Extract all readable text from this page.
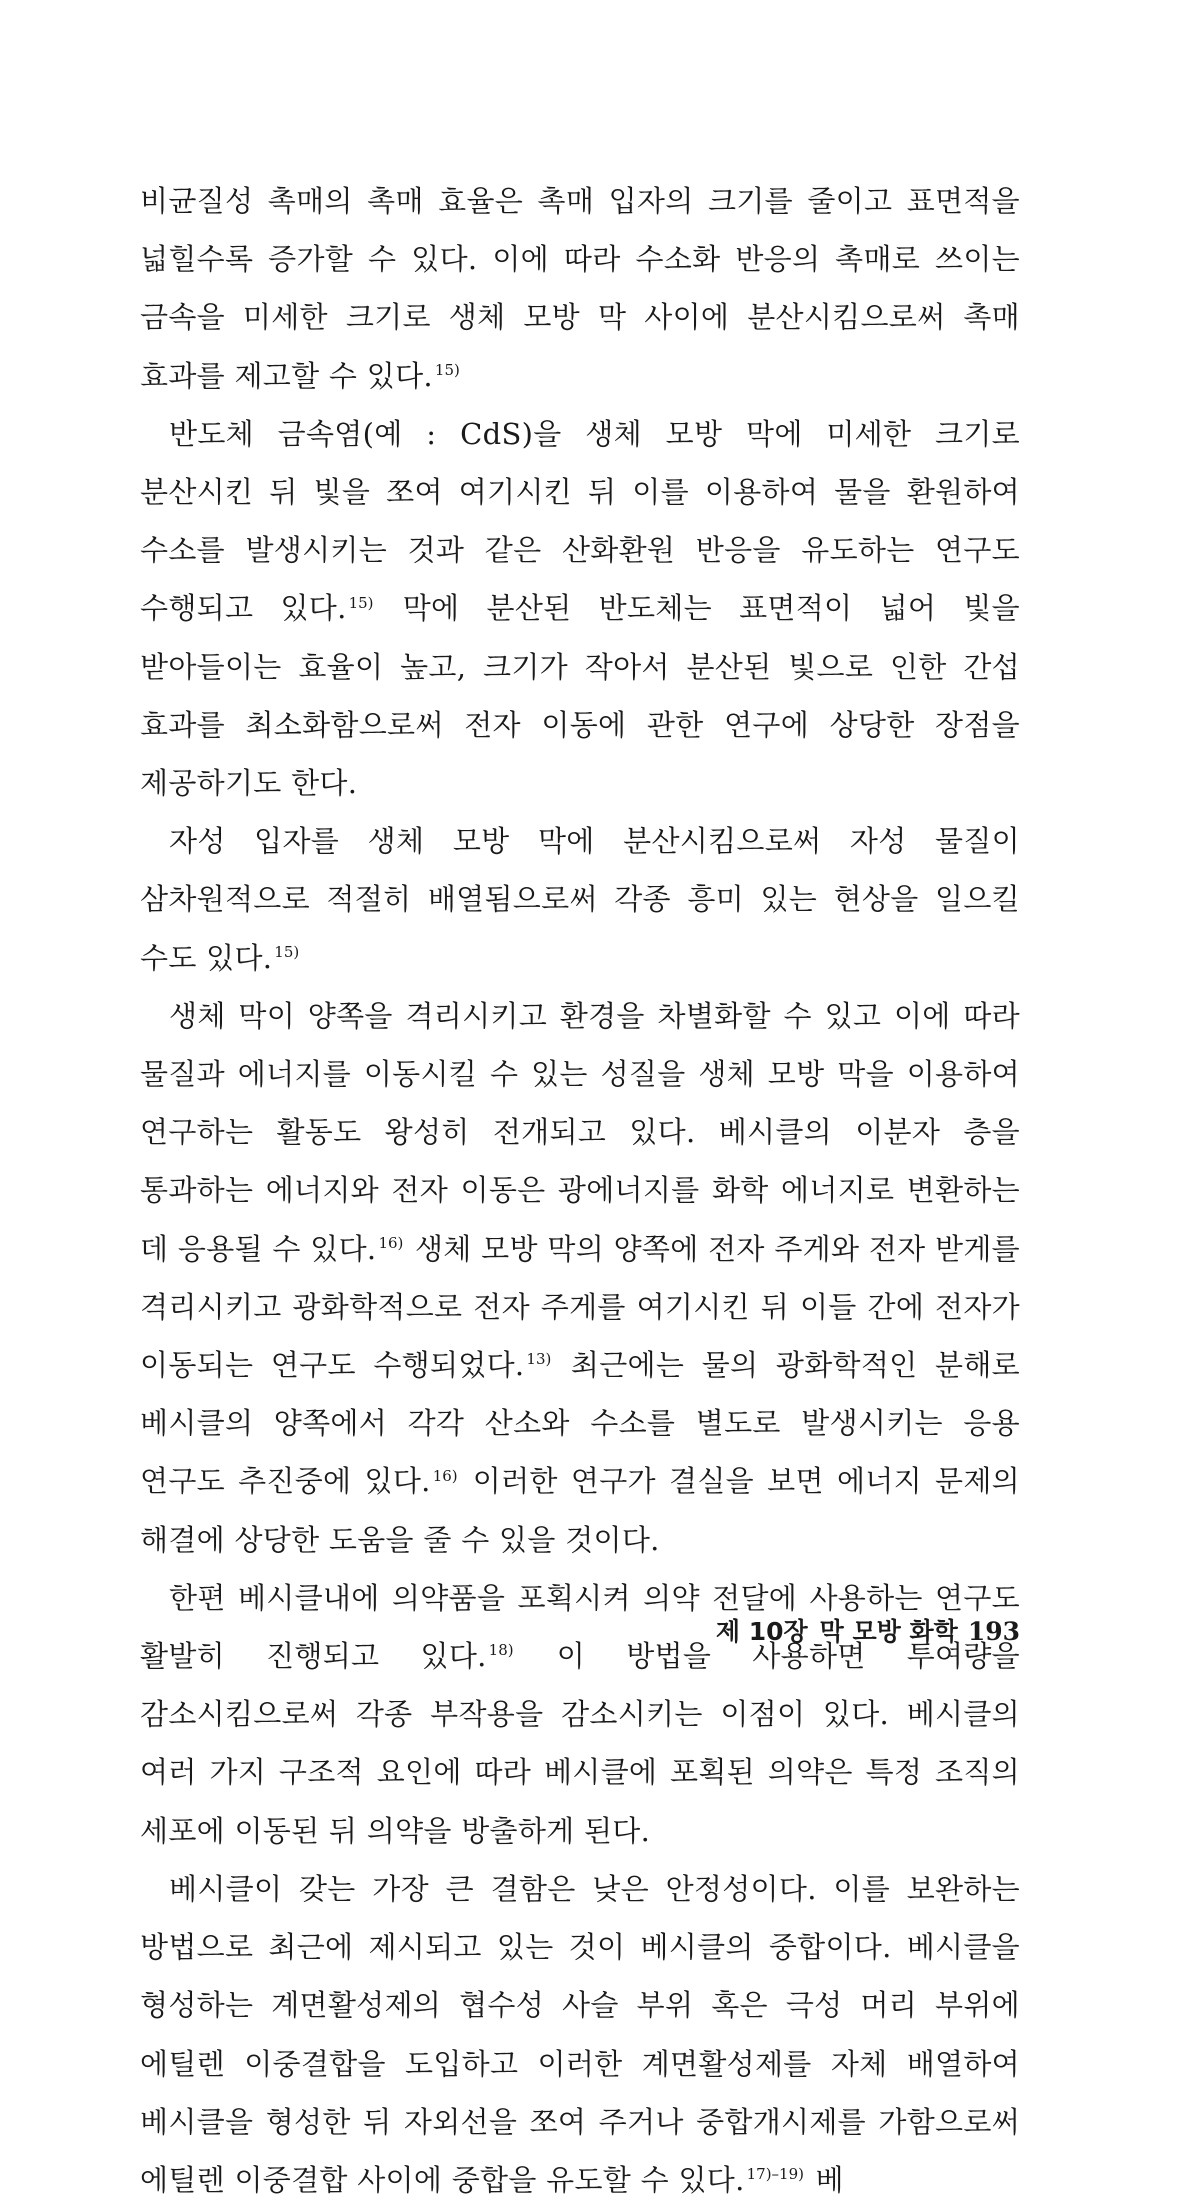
비균질성 촉매의 촉매 효율은 촉매 입자의 크기를 줄이고 표면적을 넓힐수록 증가할 수 있다. 이에 따라 수소화 반응의 촉매로 쓰이는 금속을 미세한 크기로 생체 모방 막 사이에 분산시킴으로써 촉매 효과를 제고할 수 있다. $^{15)}$

반도체 금속염(예 : CdS)을 생체 모방 막에 미세한 크기로 분산시킨 뒤 빛을 쪼여 여기시킨 뒤 이를 이용하여 물을 환원하여 수소를 발생시키는 것과 같은 산화환원 반응을 유도하는 연구도 수행되고 있다. $^{15)}$ 막에 분산된 반도체는 표면적이 넓어 빛을 받아들이는 효율이 높고, 크기가 작아서 분산된 빛으로 인한 간섭 효과를 최소화함으로써 전자 이동에 관한 연구에 상당한 장점을 제공하기도 한다.

자성 입자를 생체 모방 막에 분산시킴으로써 자성 물질이 삼차원적으로 적절히 배열됨으로써 각종 흥미 있는 현상을 일으킬 수도 있다. $^{15)}$

생체 막이 양쪽을 격리시키고 환경을 차별화할 수 있고 이에 따라 물질과 에너지를 이동시킬 수 있는 성질을 생체 모방 막을 이용하여 연구하는 활동도 왕성히 전개되고 있다. 베시클의 이분자 층을 통과하는 에너지와 전자 이동은 광에너지를 화학 에너지로 변환하는 데 응용될 수 있다. $^{16)}$ 생체 모방 막의 양쪽에 전자 주게와 전자 받게를 격리시키고 광화학적으로 전자 주게를 여기시킨 뒤 이들 간에 전자가 이동되는 연구도 수행되었다. $^{13)}$ 최근에는 물의 광화학적인 분해로 베시클의 양쪽에서 각각 산소와 수소를 별도로 발생시키는 응용 연구도 추진중에 있다. $^{16)}$ 이러한 연구가 결실을 보면 에너지 문제의 해결에 상당한 도움을 줄 수 있을 것이다.

한편 베시클내에 의약품을 포획시켜 의약 전달에 사용하는 연구도 활발히 진행되고 있다. $^{18)}$ 이 방법을 사용하면 투여량을 감소시킴으로써 각종 부작용을 감소시키는 이점이 있다. 베시클의 여러 가지 구조적 요인에 따라 베시클에 포획된 의약은 특정 조직의 세포에 이동된 뒤 의약을 방출하게 된다.

베시클이 갖는 가장 큰 결함은 낮은 안정성이다. 이를 보완하는 방법으로 최근에 제시되고 있는 것이 베시클의 중합이다. 베시클을 형성하는 계면활성제의 협수성 사슬 부위 혹은 극성 머리 부위에 에틸렌 이중결합을 도입하고 이러한 계면활성제를 자체 배열하여 베시클을 형성한 뒤 자외선을 쪼여 주거나 중합개시제를 가함으로써 에틸렌 이중결합 사이에 중합을 유도할 수 있다. $^{17)-19)}$ 베

제 10장 막 모방 화학 193
